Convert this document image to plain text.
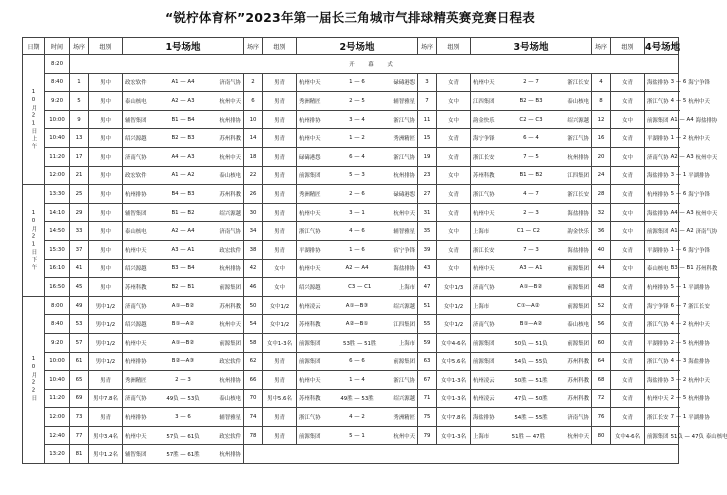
“锐柠体育杯”2023年第一届长三角城市气排球精英赛竞赛日程表
日期	时间	场序	组别	1号场地	场序	组别	2号场地	场序	组别	3号场地	场序	组别	4号场地
10月21日上午	8:20	开 幕 式											
	8:40	1	男中	政宏软件 A1 — A4 济南气协	2	男青	杭州中天 1 — 6 碌碡港怨	3	女青	杭州中天 2 — 7 浙江长安	4	女青	海盐排协 3 — 6 海宁争锋

	9:20	5	男中	泰山核电 A2 — A3 杭州中天	6	男青	秀洲精匠 2 — 5 辅智雅星	7	女中	江四集团 B2 — B3 泰山核电	8	女青	浙江气协 4 — 5 杭州中天

	10:00	9	男中	辅智集团 B1 — B4 杭州排协	10	男青	杭州排协 3 — 4 浙江气协	11	女中	韵金快乐 C2 — C3 绍兴源越	12	女中	前源集团 A1 — A4 海盐排协

	10:40	13	男中	绍兴源越 B2 — B3 苏州科教	14	男青	杭州中天 1 — 2 秀洲精匠	15	女青	海宁争锋 6 — 4 浙江气协	16	女青	平湖排协 1 — 2 杭州中天

	11:20	17	男中	济南气协 A4 — A3 杭州中天	18	男青	碌碡港怨 6 — 4 浙江气协	19	女青	浙江长安 7 — 5 杭州排协	20	女中	济南气协 A2 — A3 杭州中天

	12:00	21	男中	政宏软件 A1 — A2 泰山核电	22	男青	前源集团 5 — 3 杭州排协	23	女中	苏州科教 B1 — B2 江四集团	24	女青	海盐排协 3 — 1 平湖排协

10月21日下午	13:30	25	男中	杭州排协 B4 — B3 苏州科教	26	男青	秀洲精匠 2 — 6 碌碡港怨	27	女青	浙江气协 4 — 7 浙江长安	28	女青	杭州排协 5 — 6 海宁争锋

	14:10	29	男中	辅智集团 B1 — B2 绍兴源越	30	男青	杭州中天 3 — 1 杭州中天	31	女青	杭州中天 2 — 3 海盐排协	32	女中	海盐排协 A4 — A3 杭州中天

	14:50	33	男中	泰山核电 A2 — A4 济南气协	34	男青	浙江气协 4 — 6 辅智雅星	35	女中	上海市 C1 — C2 韵金快乐	36	女中	前源集团 A1 — A2 济南气协

	15:30	37	男中	杭州中天 A3 — A1 政宏软件	38	男青	平湖排协 1 — 6 宿宁争锋	39	女青	浙江长安 7 — 3 海盐排协	40	女青	平湖排协 1 — 6 海宁争锋

	16:10	41	男中	绍兴源越 B3 — B4 杭州排协	42	女中	杭州中天 A2 — A4 海盐排协	43	女中	杭州中天 A3 — A1 前源集团	44	女中	泰山核电 B3 — B1 苏州科教

	16:50	45	男中	苏州科教 B2 — B1 前源集团	46	女中	绍兴源越 C3 — C1 上海市	47	女中1/3	济南气协 A①—B② 前源集团	48	女青	杭州排协 5 — 1 平湖排协

10月22日	8:00	49	男中1/2	济南气协 A①—B② 苏州科教	50	女中1/2	杭州凌云 A①—B③ 绍兴源越	51	女中1/2	上海市 C①—A② 前源集团	52	女青	海宁争锋 6 — 7 浙江长安

	8:40	53	男中1/2	绍兴源越 B①—A② 杭州中天	54	女中1/2	苏州科教 A②—B① 江四集团	55	女中1/2	济南气协 B①—A② 泰山核电	56	女青	浙江气协 4 — 2 杭州中天

	9:20	57	男中1/2	杭州中天 A①—B② 前源集团	58	女中1-3名	前源集团 53胜 — 51胜 上海市	59	女中4-6名	前源集团 50负 — 51负 前源集团	60	女青	平湖排协 2 — 5 杭州排协

	10:00	61	男中1/2	杭州排协 B②—A③ 政宏软件	62	男青	前源集团 6 — 6 前源集团	63	女中5.6名	前源集团 54负 — 55负 苏州科教	64	女青	浙江气协 4 — 3 海盐排协

	10:40	65	男青	秀洲精匠 2 — 3 杭州排协	66	男青	杭州中天 1 — 4 浙江气协	67	女中1-3名	杭州凌云 50胜 — 51胜 苏州科教	68	女青	海盐排协 3 — 2 杭州中天

	11:20	69	男中7.8名	济南气协 49负 — 53负 泰山核电	70	男中5.6名	苏州科教 49胜 — 53胜 绍兴源越	71	女中1-3名	杭州凌云 47负 — 50胜 苏州科教	72	女青	杭州中天 2 — 5 杭州排协

	12:00	73	男青	杭州排协 3 — 6 辅智雅星	74	男青	浙江气协 4 — 2 秀洲精匠	75	女中7.8名	海盐排协 54胜 — 55胜 济南气协	76	女青	浙江长安 7 — 1 平湖排协

	12:40	77	男中3.4名	杭州中天 57负 — 61负 政宏软件	78	男青	前源集团 5 — 1 杭州中天	79	女中1-3名	上海市 51胜 — 47胜 杭州中天	80	女中4-6名	前源集团 51负 — 47负 泰山核电

	13:20	81	男中1.2名	辅智集团 57胜 — 61胜 杭州排协									
